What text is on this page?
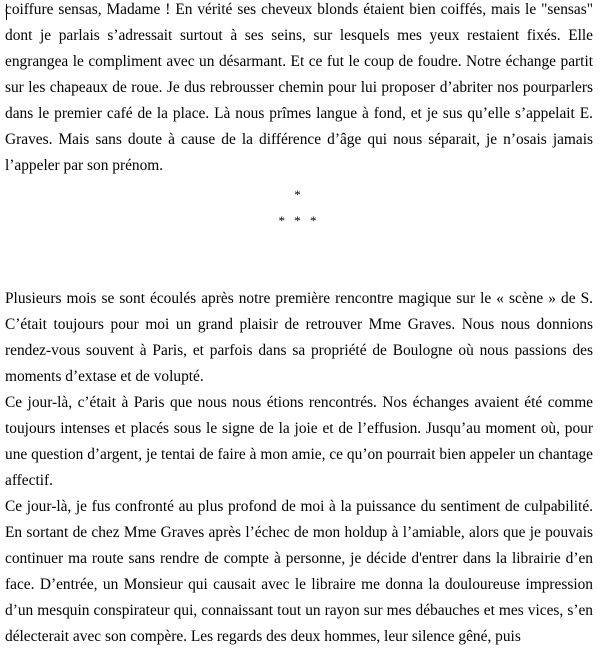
coiffure sensas, Madame ! En vérité ses cheveux blonds étaient bien coiffés, mais le "sensas" dont je parlais s’adressait surtout à ses seins, sur lesquels mes yeux restaient fixés. Elle engrangea le compliment avec un désarmant. Et ce fut le coup de foudre. Notre échange partit sur les chapeaux de roue. Je dus rebrousser chemin pour lui proposer d’abriter nos pourparlers dans le premier café de la place. Là nous prîmes langue à fond, et je sus qu’elle s’appelait E. Graves. Mais sans doute à cause de la différence d’âge qui nous séparait, je n’osais jamais l’appeler par son prénom.

*

* * *

Plusieurs mois se sont écoulés après notre première rencontre magique sur le « scène » de S. C’était toujours pour moi un grand plaisir de retrouver Mme Graves. Nous nous donnions rendez-vous souvent à Paris, et parfois dans sa propriété de Boulogne où nous passions des moments d’extase et de volupté.

Ce jour-là, c’était à Paris que nous nous étions rencontrés. Nos échanges avaient été comme toujours intenses et placés sous le signe de la joie et de l’effusion. Jusqu’au moment où, pour une question d’argent, je tentai de faire à mon amie, ce qu’on pourrait bien appeler un chantage affectif.

Ce jour-là, je fus confronté au plus profond de moi à la puissance du sentiment de culpabilité. En sortant de chez Mme Graves après l’échec de mon holdup à l’amiable, alors que je pouvais continuer ma route sans rendre de compte à personne, je décide d'entrer dans la librairie d’en face. D’entrée, un Monsieur qui causait avec le libraire me donna la douloureuse impression d’un mesquin conspirateur qui, connaissant tout un rayon sur mes débauches et mes vices, s’en délecterait avec son compère. Les regards des deux hommes, leur silence gêné, puis
